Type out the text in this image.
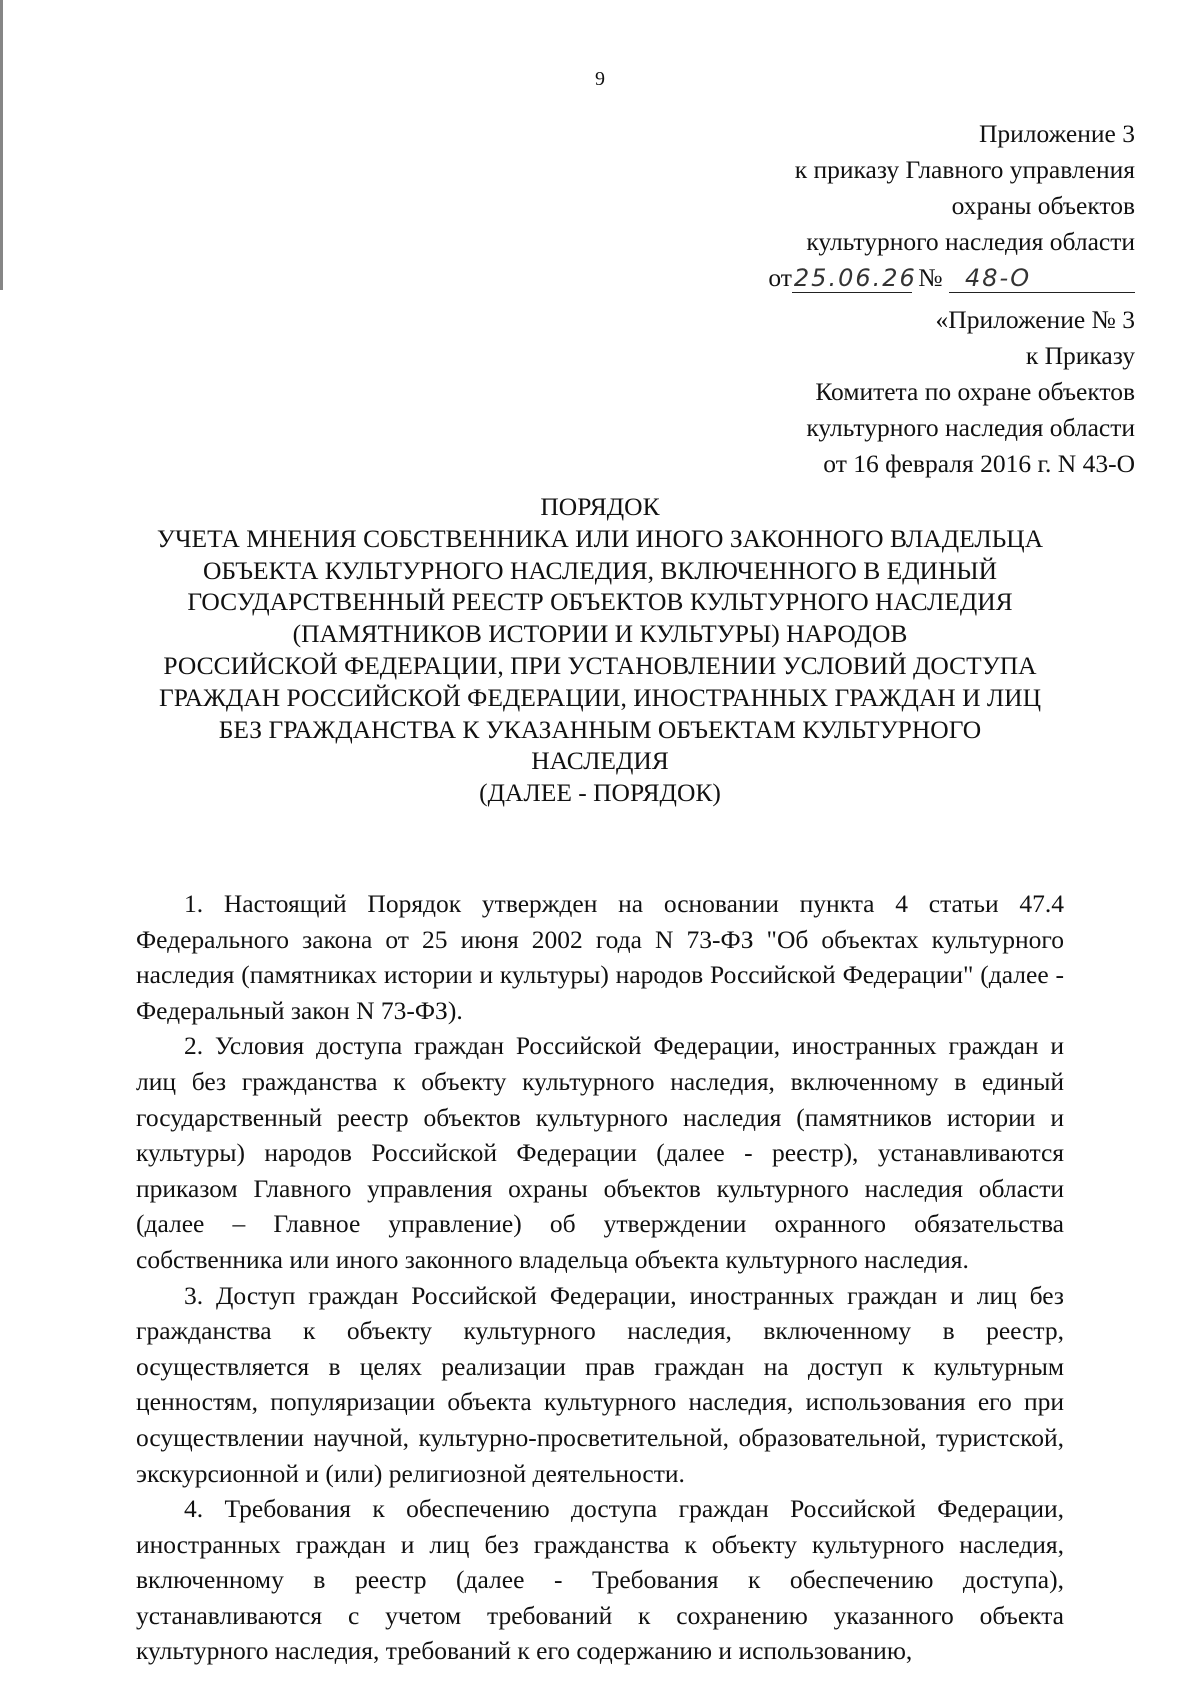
9
Приложение 3
к приказу Главного управления
охраны объектов
культурного наследия области
от25.06.26 № 48-О
«Приложение № 3
к Приказу
Комитета по охране объектов
культурного наследия области
от 16 февраля 2016 г. N 43-О
ПОРЯДОК
УЧЕТА МНЕНИЯ СОБСТВЕННИКА ИЛИ ИНОГО ЗАКОННОГО ВЛАДЕЛЬЦА
ОБЪЕКТА КУЛЬТУРНОГО НАСЛЕДИЯ, ВКЛЮЧЕННОГО В ЕДИНЫЙ
ГОСУДАРСТВЕННЫЙ РЕЕСТР ОБЪЕКТОВ КУЛЬТУРНОГО НАСЛЕДИЯ
(ПАМЯТНИКОВ ИСТОРИИ И КУЛЬТУРЫ) НАРОДОВ
РОССИЙСКОЙ ФЕДЕРАЦИИ, ПРИ УСТАНОВЛЕНИИ УСЛОВИЙ ДОСТУПА
ГРАЖДАН РОССИЙСКОЙ ФЕДЕРАЦИИ, ИНОСТРАННЫХ ГРАЖДАН И ЛИЦ
БЕЗ ГРАЖДАНСТВА К УКАЗАННЫМ ОБЪЕКТАМ КУЛЬТУРНОГО
НАСЛЕДИЯ
(ДАЛЕЕ - ПОРЯДОК)

1. Настоящий Порядок утвержден на основании пункта 4 статьи 47.4 Федерального закона от 25 июня 2002 года N 73-ФЗ "Об объектах культурного наследия (памятниках истории и культуры) народов Российской Федерации" (далее - Федеральный закон N 73-ФЗ).

2. Условия доступа граждан Российской Федерации, иностранных граждан и лиц без гражданства к объекту культурного наследия, включенному в единый государственный реестр объектов культурного наследия (памятников истории и культуры) народов Российской Федерации (далее - реестр), устанавливаются приказом Главного управления охраны объектов культурного наследия области (далее – Главное управление) об утверждении охранного обязательства собственника или иного законного владельца объекта культурного наследия.

3. Доступ граждан Российской Федерации, иностранных граждан и лиц без гражданства к объекту культурного наследия, включенному в реестр, осуществляется в целях реализации прав граждан на доступ к культурным ценностям, популяризации объекта культурного наследия, использования его при осуществлении научной, культурно-просветительной, образовательной, туристской, экскурсионной и (или) религиозной деятельности.

4. Требования к обеспечению доступа граждан Российской Федерации, иностранных граждан и лиц без гражданства к объекту культурного наследия, включенному в реестр (далее - Требования к обеспечению доступа), устанавливаются с учетом требований к сохранению указанного объекта культурного наследия, требований к его содержанию и использованию,
